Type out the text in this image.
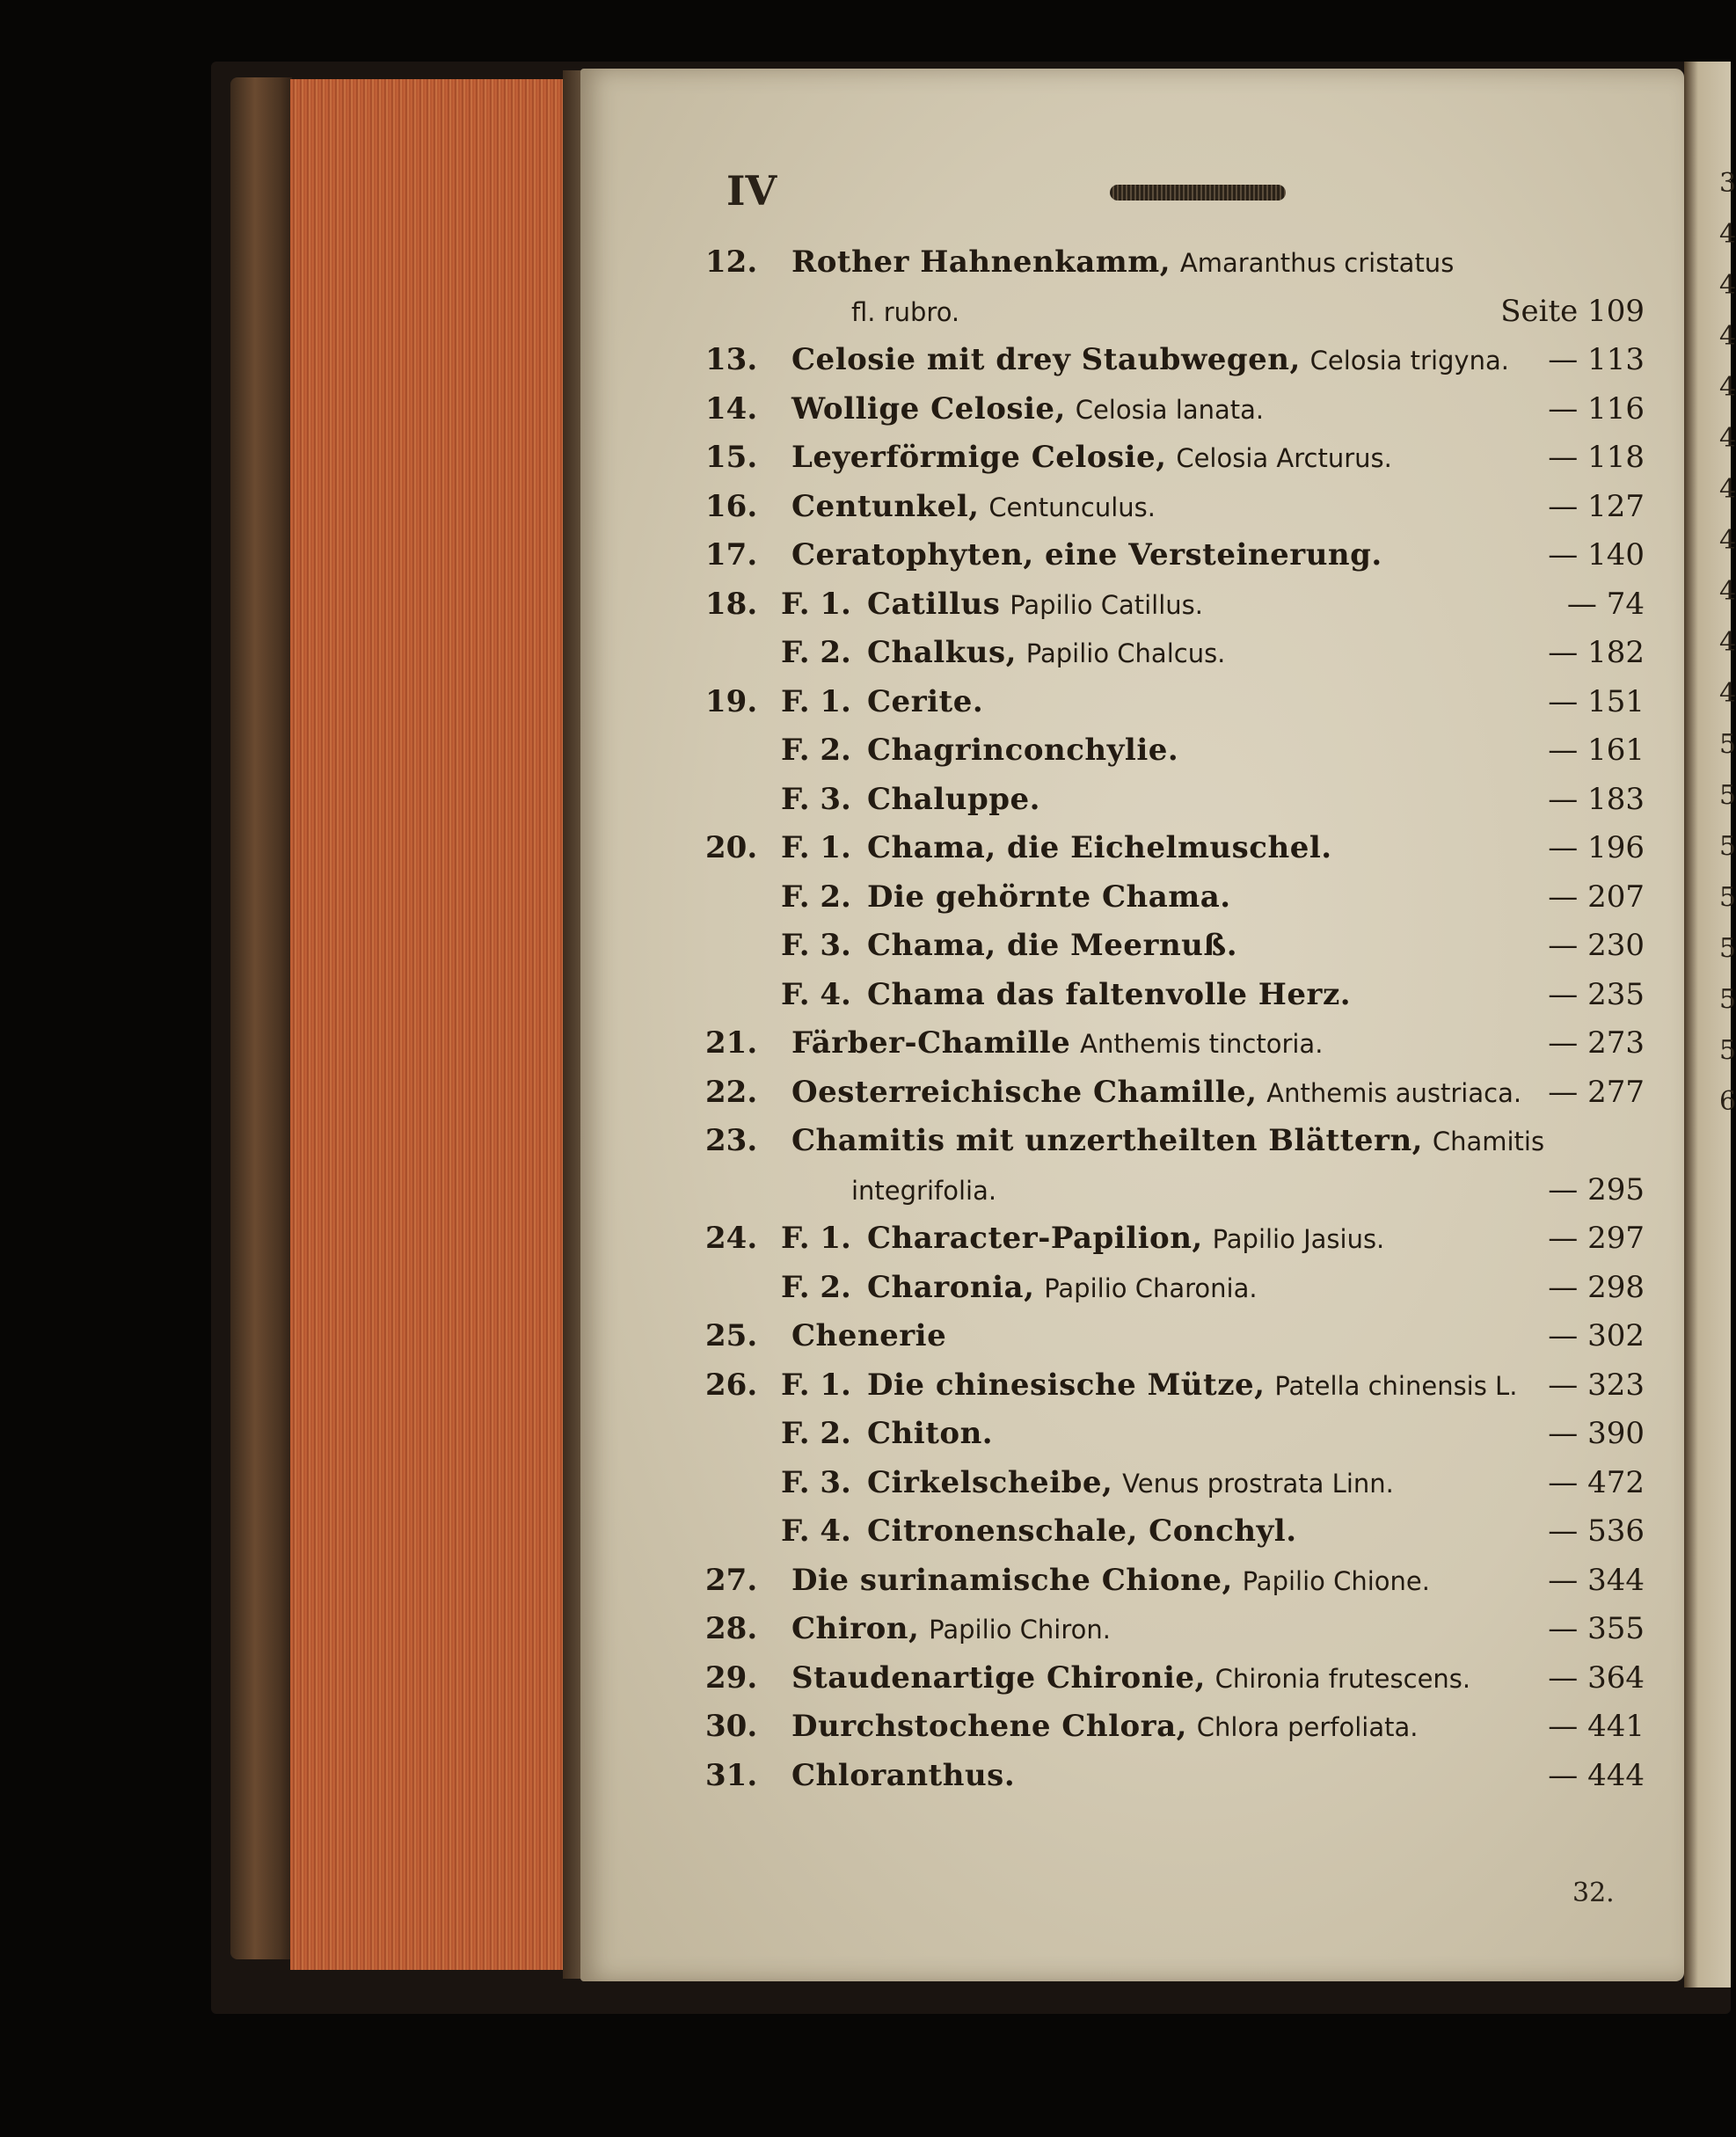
3
4
4
4
4
4
4
4
4
4
4
5
5
5
5
5
5
5
6
IV
12. Rother Hahnenkamm, Amaranthus cristatus
fl. rubro.	Seite 109
13. Celosie mit drey Staubwegen, Celosia trigyna.	— 113
14. Wollige Celosie, Celosia lanata.	— 116
15. Leyerförmige Celosie, Celosia Arcturus.	— 118
16. Centunkel, Centunculus.	— 127
17. Ceratophyten, eine Versteinerung.	— 140
18. F. 1. Catillus Papilio Catillus.	— 74
F. 2. Chalkus, Papilio Chalcus.	— 182
19. F. 1. Cerite.	— 151
F. 2. Chagrinconchylie.	— 161
F. 3. Chaluppe.	— 183
20. F. 1. Chama, die Eichelmuschel.	— 196
F. 2. Die gehörnte Chama.	— 207
F. 3. Chama, die Meernuß.	— 230
F. 4. Chama das faltenvolle Herz.	— 235
21. Färber-Chamille Anthemis tinctoria.	— 273
22. Oesterreichische Chamille, Anthemis austriaca. — 277
23. Chamitis mit unzertheilten Blättern, Chamitis
integrifolia.	— 295
24. F. 1. Character-Papilion, Papilio Jasius.	— 297
F. 2. Charonia, Papilio Charonia.	— 298
25. Chenerie	— 302
26. F. 1. Die chinesische Mütze, Patella chinensis L.	— 323
F. 2. Chiton.	— 390
F. 3. Cirkelscheibe, Venus prostrata Linn.	— 472
F. 4. Citronenschale, Conchyl.	— 536
27. Die surinamische Chione, Papilio Chione.	— 344
28. Chiron, Papilio Chiron.	— 355
29. Staudenartige Chironie, Chironia frutescens.	— 364
30. Durchstochene Chlora, Chlora perfoliata.	— 441
31. Chloranthus.	— 444
32.
